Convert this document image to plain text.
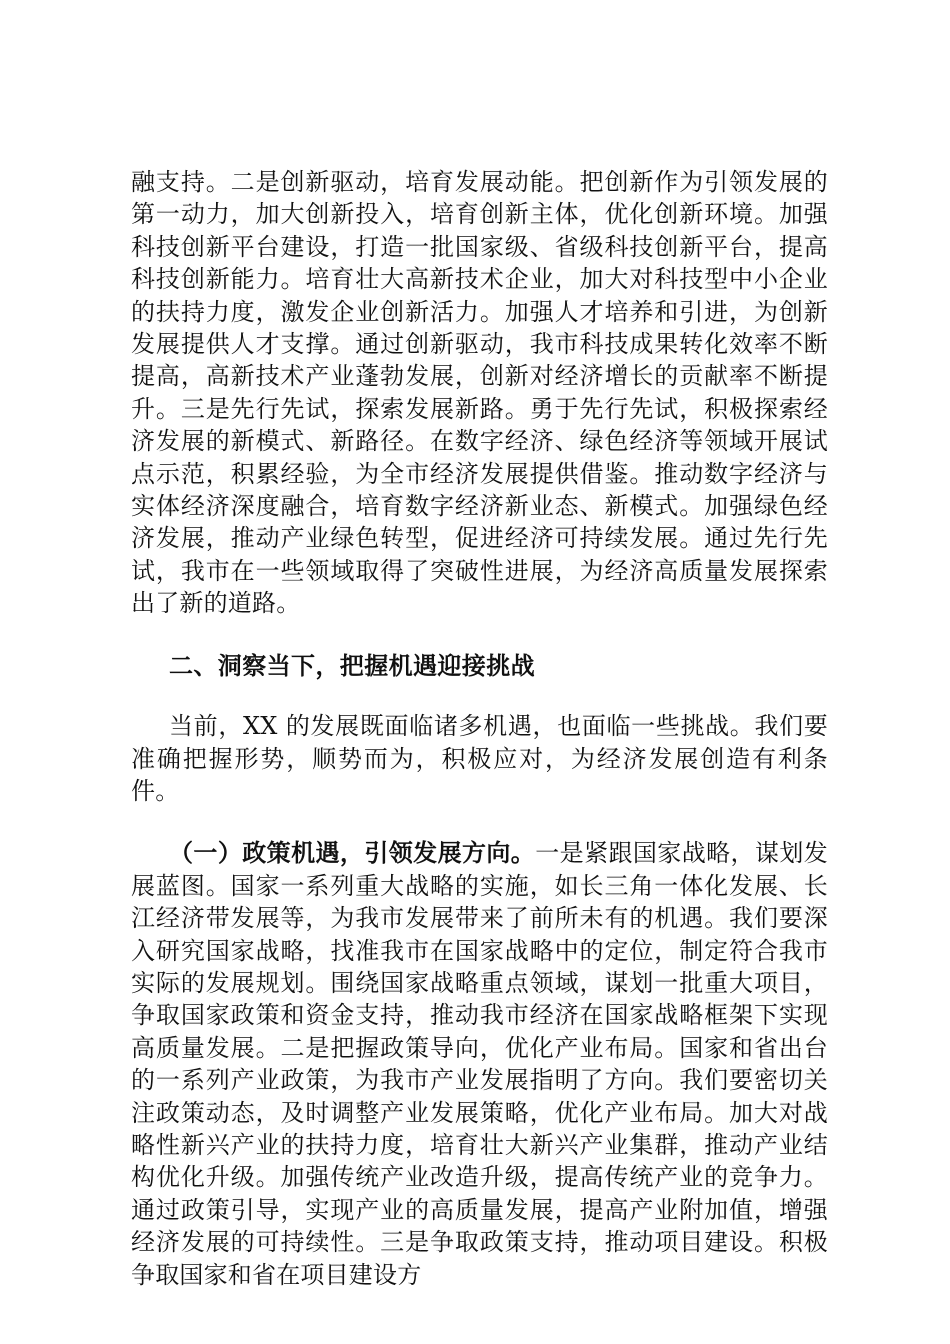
融支持。二是创新驱动，培育发展动能。把创新作为引领发展的第一动力，加大创新投入，培育创新主体，优化创新环境。加强科技创新平台建设，打造一批国家级、省级科技创新平台，提高科技创新能力。培育壮大高新技术企业，加大对科技型中小企业的扶持力度，激发企业创新活力。加强人才培养和引进，为创新发展提供人才支撑。通过创新驱动，我市科技成果转化效率不断提高，高新技术产业蓬勃发展，创新对经济增长的贡献率不断提升。三是先行先试，探索发展新路。勇于先行先试，积极探索经济发展的新模式、新路径。在数字经济、绿色经济等领域开展试点示范，积累经验，为全市经济发展提供借鉴。推动数字经济与实体经济深度融合，培育数字经济新业态、新模式。加强绿色经济发展，推动产业绿色转型，促进经济可持续发展。通过先行先试，我市在一些领域取得了突破性进展，为经济高质量发展探索出了新的道路。

二、洞察当下，把握机遇迎接挑战

当前，XX 的发展既面临诸多机遇，也面临一些挑战。我们要准确把握形势，顺势而为，积极应对，为经济发展创造有利条件。

（一）政策机遇，引领发展方向。一是紧跟国家战略，谋划发展蓝图。国家一系列重大战略的实施，如长三角一体化发展、长江经济带发展等，为我市发展带来了前所未有的机遇。我们要深入研究国家战略，找准我市在国家战略中的定位，制定符合我市实际的发展规划。围绕国家战略重点领域，谋划一批重大项目，争取国家政策和资金支持，推动我市经济在国家战略框架下实现高质量发展。二是把握政策导向，优化产业布局。国家和省出台的一系列产业政策，为我市产业发展指明了方向。我们要密切关注政策动态，及时调整产业发展策略，优化产业布局。加大对战略性新兴产业的扶持力度，培育壮大新兴产业集群，推动产业结构优化升级。加强传统产业改造升级，提高传统产业的竞争力。通过政策引导，实现产业的高质量发展，提高产业附加值，增强经济发展的可持续性。三是争取政策支持，推动项目建设。积极争取国家和省在项目建设方
